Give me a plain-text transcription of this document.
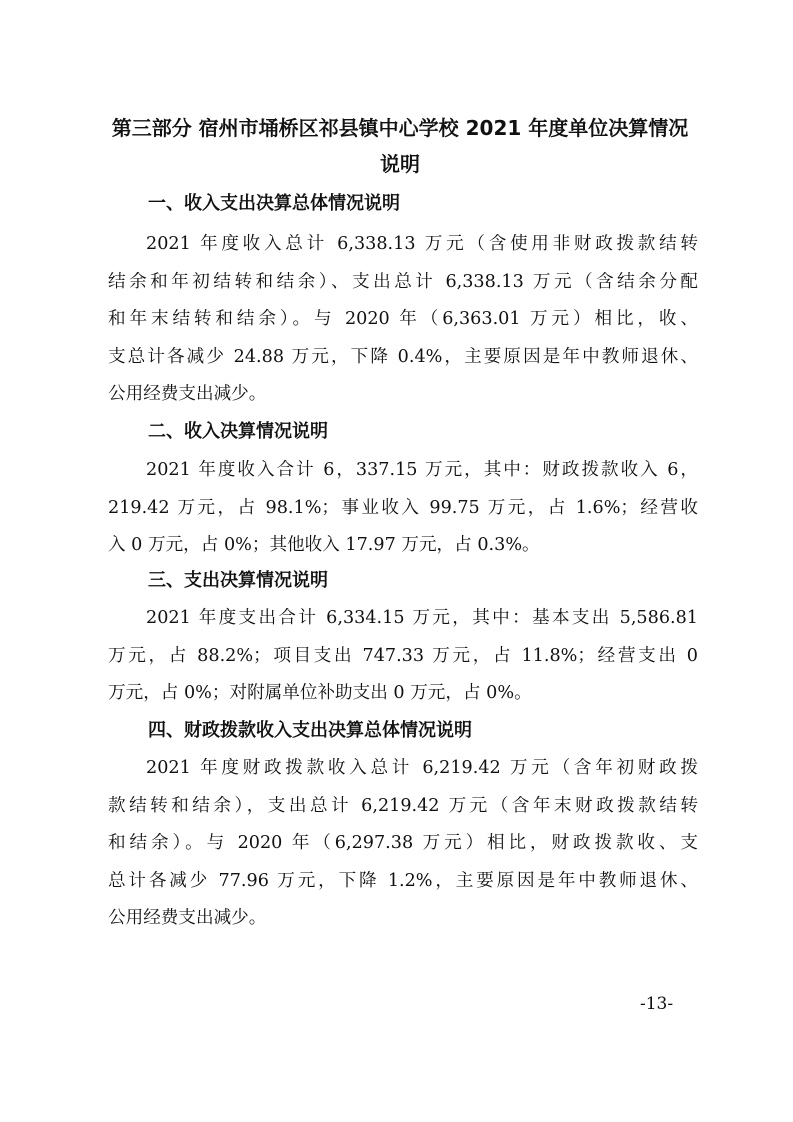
第三部分 宿州市埇桥区祁县镇中心学校 2021 年度单位决算情况
说明
一、收入支出决算总体情况说明
2021 年度收入总计 6,338.13 万元（含使用非财政拨款结转
结余和年初结转和结余）、支出总计 6,338.13 万元（含结余分配
和年末结转和结余）。与 2020 年（6,363.01 万元）相比，收、
支总计各减少 24.88 万元，下降 0.4%，主要原因是年中教师退休、
公用经费支出减少。
二、收入决算情况说明
2021 年度收入合计 6，337.15 万元，其中：财政拨款收入 6，
219.42 万元，占 98.1%；事业收入 99.75 万元，占 1.6%；经营收
入 0 万元，占 0%；其他收入 17.97 万元，占 0.3%。
三、支出决算情况说明
2021 年度支出合计 6,334.15 万元，其中：基本支出 5,586.81
万元，占 88.2%；项目支出 747.33 万元，占 11.8%；经营支出 0
万元，占 0%；对附属单位补助支出 0 万元，占 0%。
四、财政拨款收入支出决算总体情况说明
2021 年度财政拨款收入总计 6,219.42 万元（含年初财政拨
款结转和结余），支出总计 6,219.42 万元（含年末财政拨款结转
和结余）。与 2020 年（6,297.38 万元）相比，财政拨款收、支
总计各减少 77.96 万元，下降 1.2%，主要原因是年中教师退休、
公用经费支出减少。
-13-
